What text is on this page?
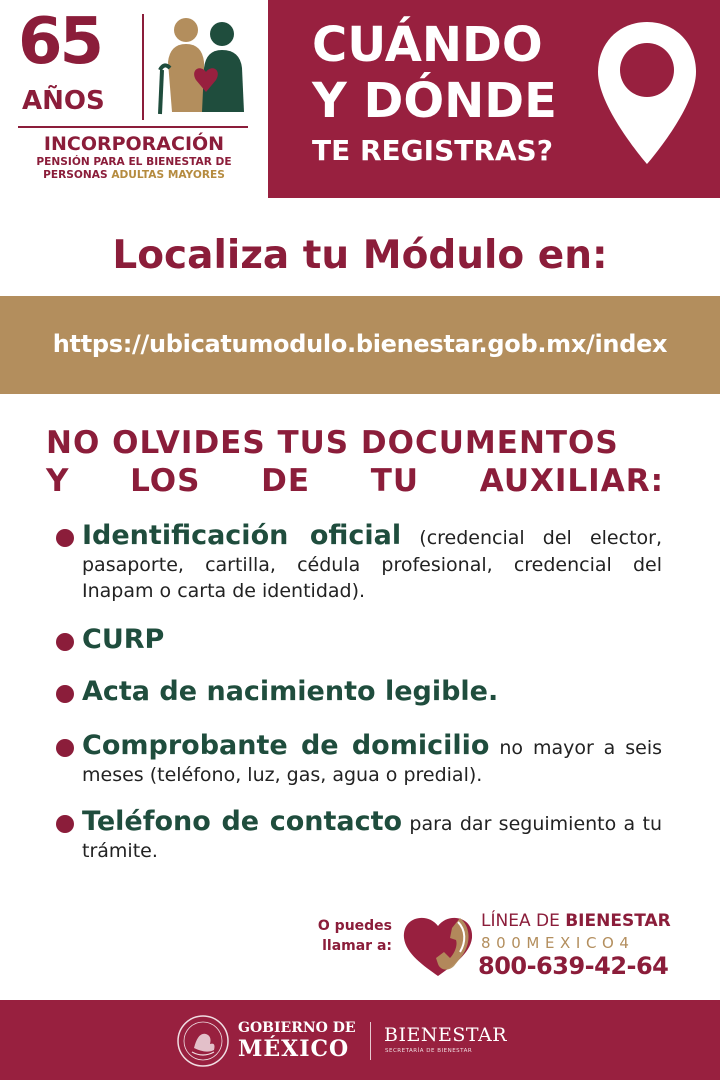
65
AÑOS
INCORPORACIÓN
PENSIÓN PARA EL BIENESTAR DE
PERSONAS ADULTAS MAYORES
CUÁNDO
Y DÓNDE
TE REGISTRAS?
Localiza tu Módulo en:
https://ubicatumodulo.bienestar.gob.mx/index
NO OLVIDES TUS DOCUMENTOS
Y LOS DE TU AUXILIAR:
Identificación oficial (credencial del elector, pasaporte, cartilla, cédula profesional, credencial del Inapam o carta de identidad).
CURP
Acta de nacimiento legible.
Comprobante de domicilio no mayor a seis meses (teléfono, luz, gas, agua o predial).
Teléfono de contacto para dar seguimiento a tu trámite.
O puedes llamar a:
LÍNEA DE BIENESTAR
800MEXICO4
800-639-42-64
GOBIERNO DE
MÉXICO
BIENESTAR
SECRETARÍA DE BIENESTAR
